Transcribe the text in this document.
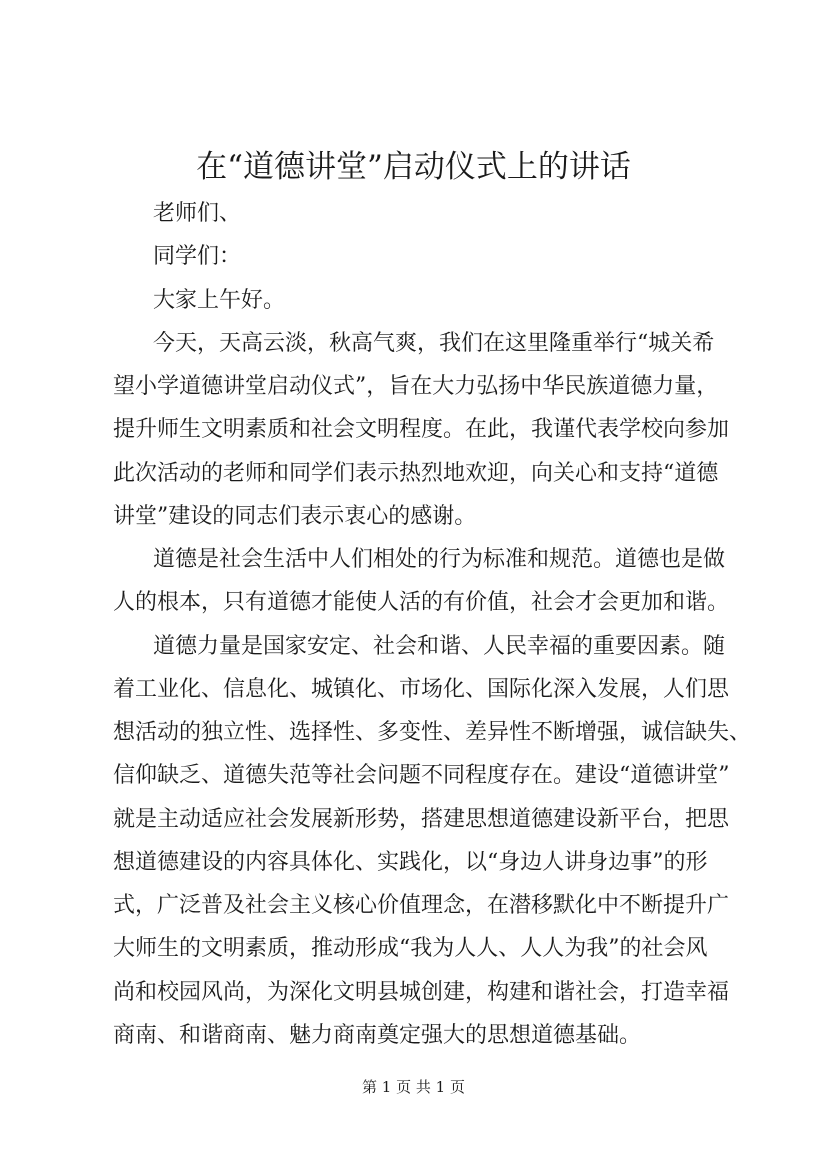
在“道德讲堂”启动仪式上的讲话
老师们、
同学们：
大家上午好。
今天，天高云淡，秋高气爽，我们在这里隆重举行“城关希
望小学道德讲堂启动仪式”，旨在大力弘扬中华民族道德力量，
提升师生文明素质和社会文明程度。在此，我谨代表学校向参加
此次活动的老师和同学们表示热烈地欢迎，向关心和支持“道德
讲堂”建设的同志们表示衷心的感谢。
道德是社会生活中人们相处的行为标准和规范。道德也是做
人的根本，只有道德才能使人活的有价值，社会才会更加和谐。
道德力量是国家安定、社会和谐、人民幸福的重要因素。随
着工业化、信息化、城镇化、市场化、国际化深入发展，人们思
想活动的独立性、选择性、多变性、差异性不断增强，诚信缺失、
信仰缺乏、道德失范等社会问题不同程度存在。建设“道德讲堂”
就是主动适应社会发展新形势，搭建思想道德建设新平台，把思
想道德建设的内容具体化、实践化，以“身边人讲身边事”的形
式，广泛普及社会主义核心价值理念，在潜移默化中不断提升广
大师生的文明素质，推动形成“我为人人、人人为我”的社会风
尚和校园风尚，为深化文明县城创建，构建和谐社会，打造幸福
商南、和谐商南、魅力商南奠定强大的思想道德基础。
第 1 页 共 1 页
